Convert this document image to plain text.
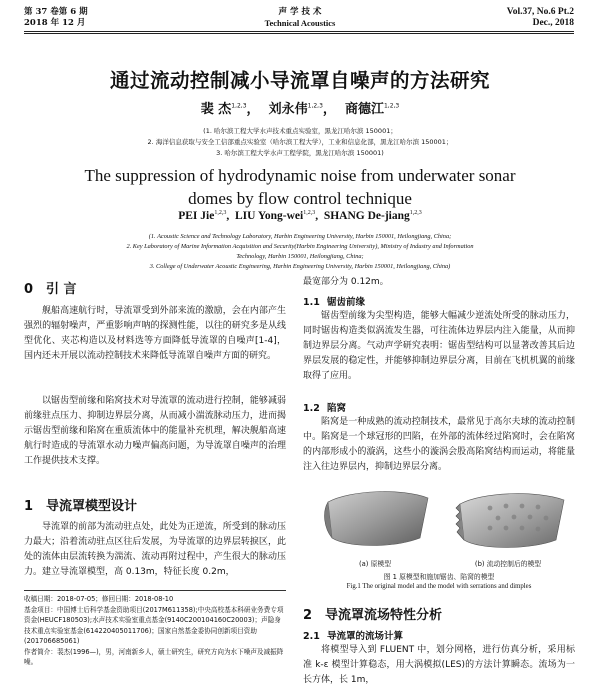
第 37 卷第 6 期
2018 年 12 月
声 学 技 术
Technical Acoustics
Vol.37, No.6 Pt.2
Dec., 2018
通过流动控制减小导流罩自噪声的方法研究
裴 杰$^{1,2,3}$，  刘永伟$^{1,2,3}$，  商德江$^{1,2,3}$
(1. 哈尔滨工程大学水声技术重点实验室，黑龙江哈尔滨 150001；
2. 海洋信息获取与安全工信部重点实验室（哈尔滨工程大学），工业和信息化部，黑龙江哈尔滨 150001；
3. 哈尔滨工程大学水声工程学院，黑龙江哈尔滨 150001)
The suppression of hydrodynamic noise from underwater sonar
domes by flow control technique
PEI Jie$^{1,2,3}$,  LIU Yong-wei$^{1,2,3}$,  SHANG De-jiang$^{1,2,3}$
(1. Acoustic Science and Technology Laboratory, Harbin Engineering University, Harbin 150001, Heilongjiang, China;
2. Key Laboratory of Marine Information Acquisition and Security(Harbin Engineering University), Ministry of Industry and Information
Technology, Harbin 150001, Heilongjiang, China;
3. College of Underwater Acoustic Engineering, Harbin Engineering University, Harbin 150001, Heilongjiang, China)
0 引 言
舰船高速航行时，导流罩受到外部来流的激励，会在内部产生强烈的辐射噪声，严重影响声呐的探测性能，以往的研究多是从线型优化、夹芯构造以及材料选等方面降低导流罩的自噪声[1-4]，国内还未开展以流动控制技术来降低导流罩自噪声方面的研究。
以锯齿型前缘和陷窝技术对导流罩的流动进行控制，能够减弱前缘驻点压力、抑制边界层分离，从而减小湍流脉动压力，进而揭示锯齿型前缘和陷窝在重质流体中的能量补充机理，解决舰船高速航行时造成的导流罩水动力噪声偏高问题，为导流罩自噪声的治理工作提供技术支撑。
1 导流罩模型设计
导流罩的前部为流动驻点处，此处为正逆流，所受到的脉动压力最大；沿着流动驻点区往后发展，为导流罩的边界层转捩区，此处的流体由层流转换为湍流、流动再附过程中，产生很大的脉动压力。建立导流罩模型，高 0.13m，特征长度 0.2m，
收稿日期：2018-07-05；修回日期：2018-08-10
基金项目：中国博士后科学基金资助项目(2017M611358);中央高校基本科研业务费专项资金(HEUCF180503);水声技术实验室重点基金(9140C200104160C20003)；声隐身技术重点实验室基金(614220405011706)；国家自然基金委协同创新项目资助(201706685061)
作者简介：裴杰(1996—)，男，河南新乡人，硕士研究生，研究方向为水下噪声及减振降噪。
最宽部分为 0.12m。
1.1 锯齿前缘
锯齿型前缘为尖型构造，能够大幅减少逆流处所受的脉动压力，同时锯齿构造类似涡流发生器，可往流体边界层内注入能量，从而抑制边界层分离。气动声学研究表明：锯齿型结构可以显著改善其后边界层发展的稳定性，并能够抑制边界层分离，目前在飞机机翼的前缘取得了应用。
1.2 陷窝
陷窝是一种成熟的流动控制技术，最常见于高尔夫球的流动控制中。陷窝是一个球冠形的凹陷，在外部的流体经过陷窝时，会在陷窝的内部形成小的漩涡，这些小的漩涡会股高陷窝结构而运动，将能量注入往边界层内，抑制边界层分离。
(a) 原模型	(b) 流动控制后的模型
图 1 原模型和施加锯齿、陷窝的模型
Fig.1 The original model and the model with serrations and dimples
2 导流罩流场特性分析
2.1 导流罩的流场计算
将模型导入到 FLUENT 中，划分网格，进行仿真分析，采用标准 k-ε 模型计算稳态，用大涡模拟(LES)的方法计算瞬态。流场为一长方体，长 1m，
